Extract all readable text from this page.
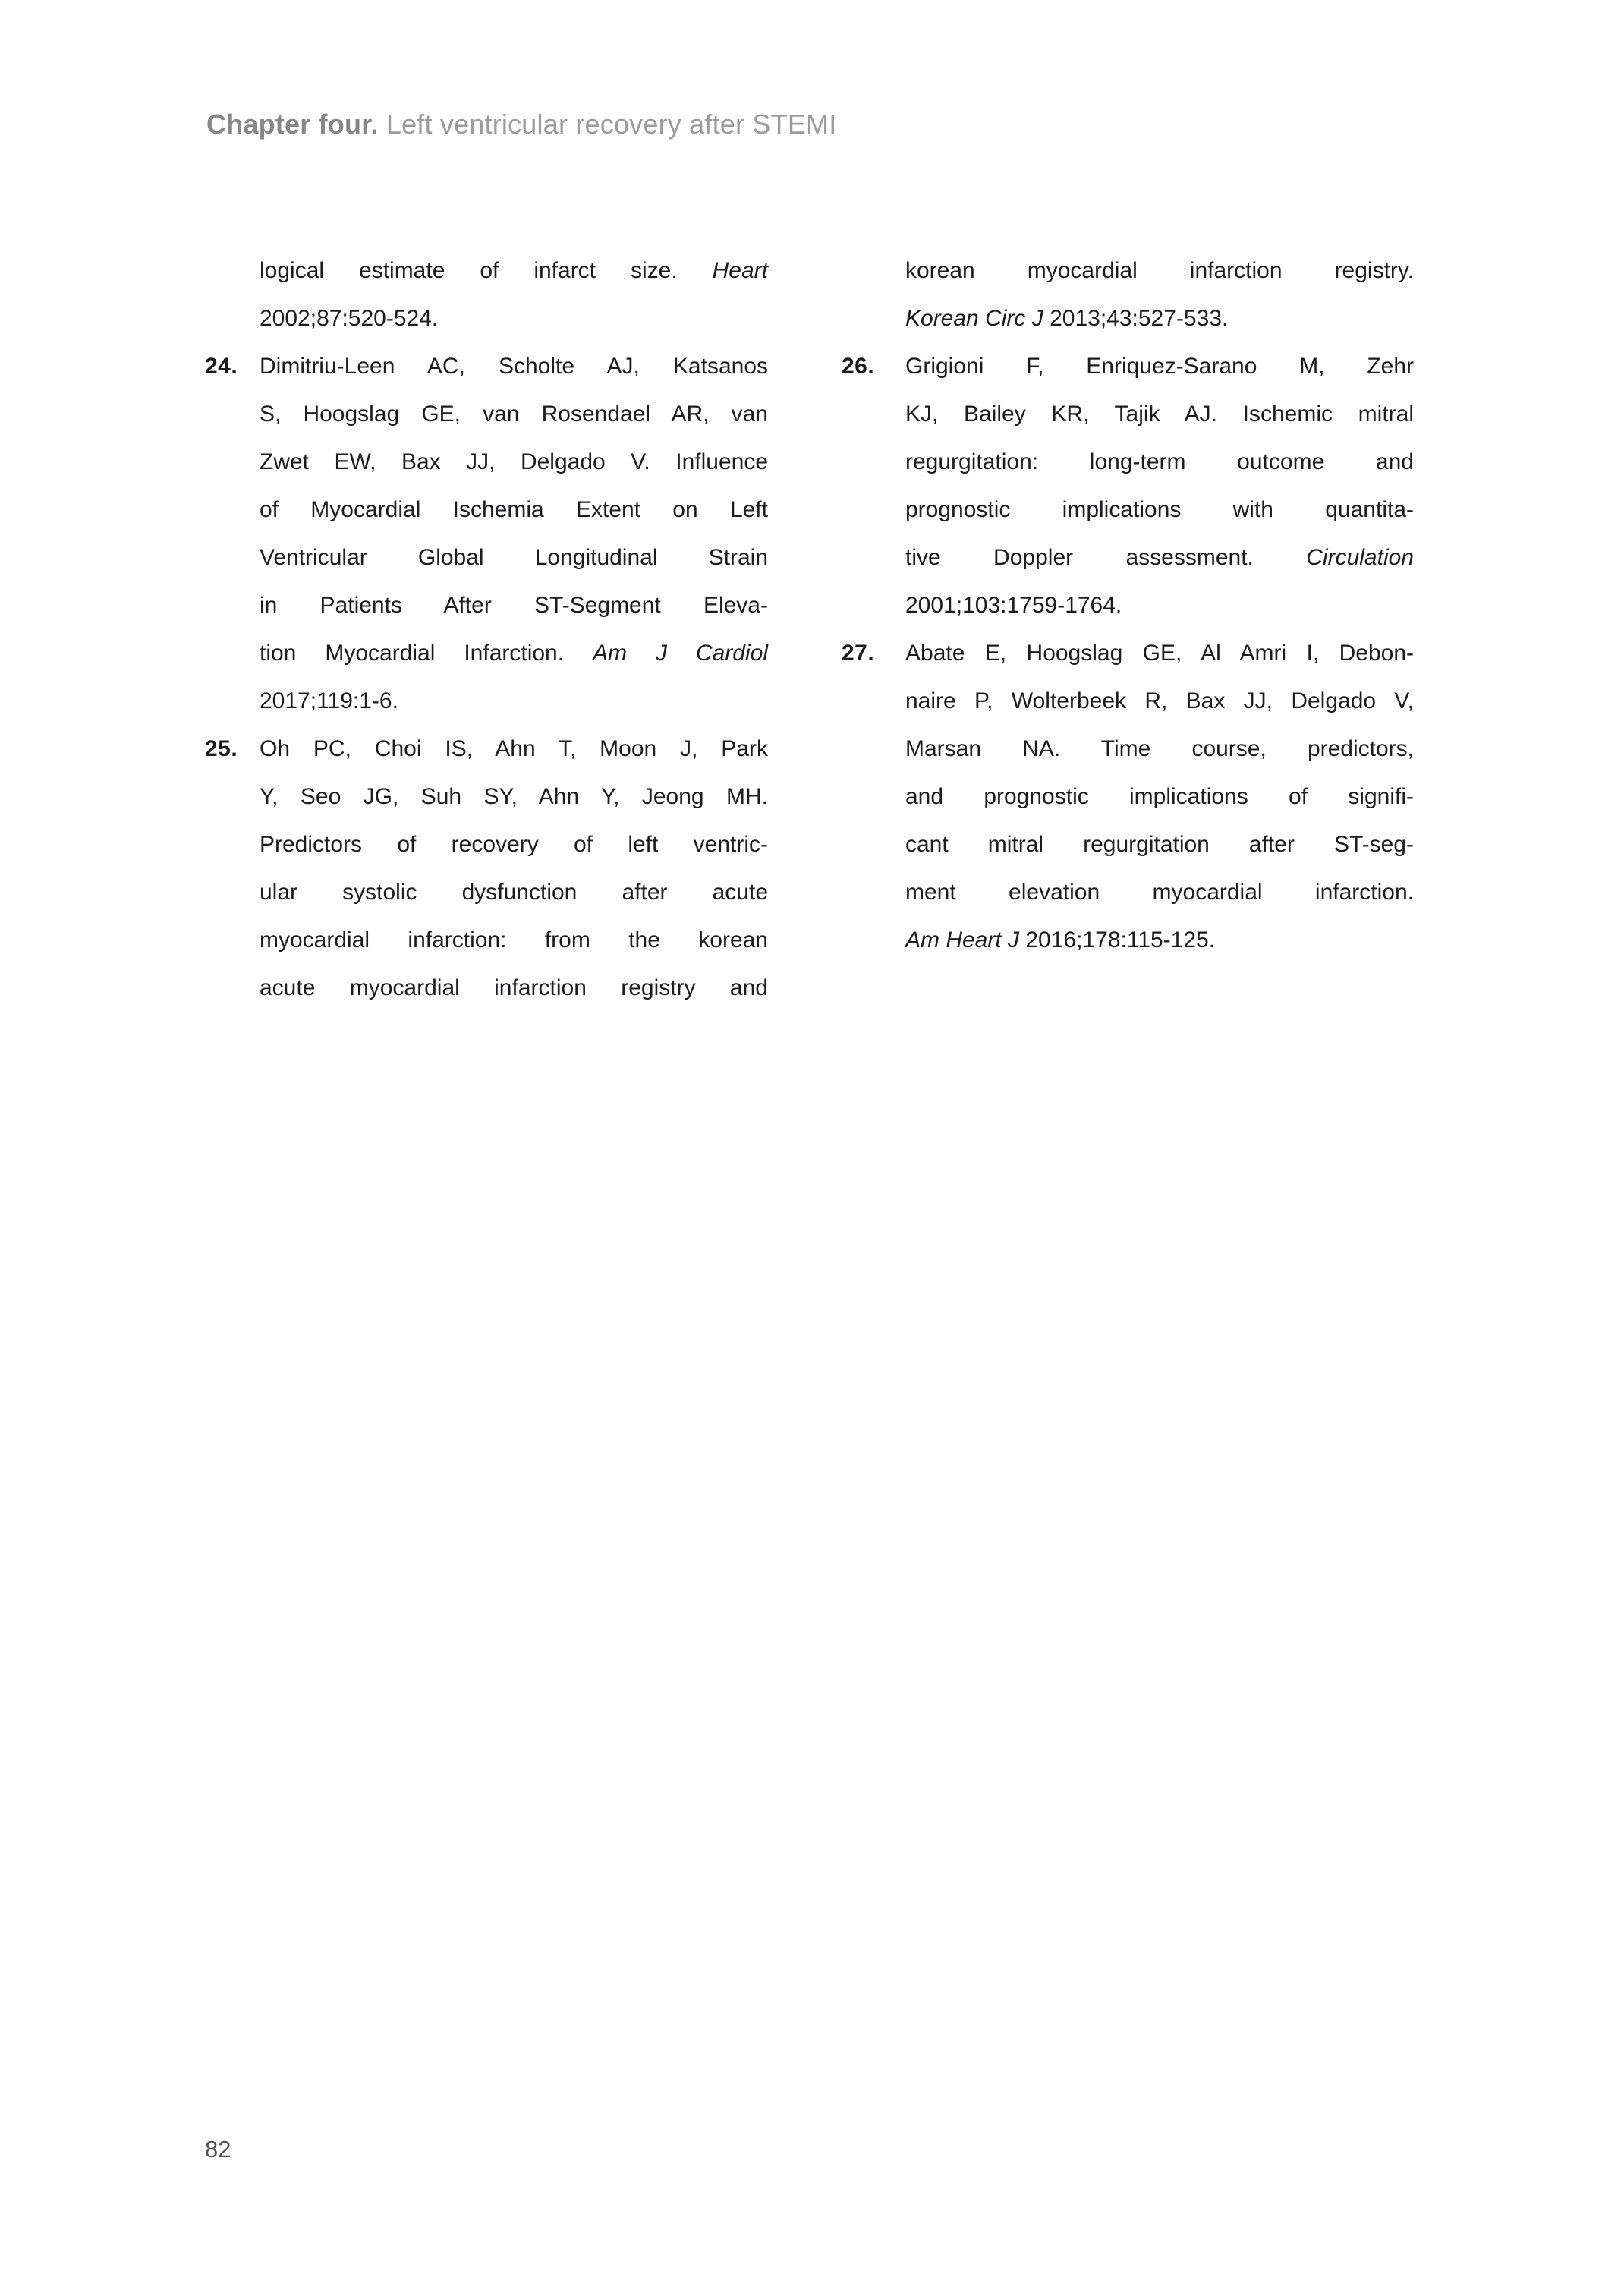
Chapter four. Left ventricular recovery after STEMI
logical estimate of infarct size. Heart
2002;87:520-524.
24. Dimitriu-Leen AC, Scholte AJ, Katsanos
S, Hoogslag GE, van Rosendael AR, van
Zwet EW, Bax JJ, Delgado V. Influence
of Myocardial Ischemia Extent on Left
Ventricular Global Longitudinal Strain
in Patients After ST-Segment Eleva-
tion Myocardial Infarction. Am J Cardiol
2017;119:1-6.
25. Oh PC, Choi IS, Ahn T, Moon J, Park
Y, Seo JG, Suh SY, Ahn Y, Jeong MH.
Predictors of recovery of left ventric-
ular systolic dysfunction after acute
myocardial infarction: from the korean
acute myocardial infarction registry and
korean myocardial infarction registry.
Korean Circ J 2013;43:527-533.
26. Grigioni F, Enriquez-Sarano M, Zehr
KJ, Bailey KR, Tajik AJ. Ischemic mitral
regurgitation: long-term outcome and
prognostic implications with quantita-
tive Doppler assessment. Circulation
2001;103:1759-1764.
27. Abate E, Hoogslag GE, Al Amri I, Debon-
naire P, Wolterbeek R, Bax JJ, Delgado V,
Marsan NA. Time course, predictors,
and prognostic implications of signifi-
cant mitral regurgitation after ST-seg-
ment elevation myocardial infarction.
Am Heart J 2016;178:115-125.
82
